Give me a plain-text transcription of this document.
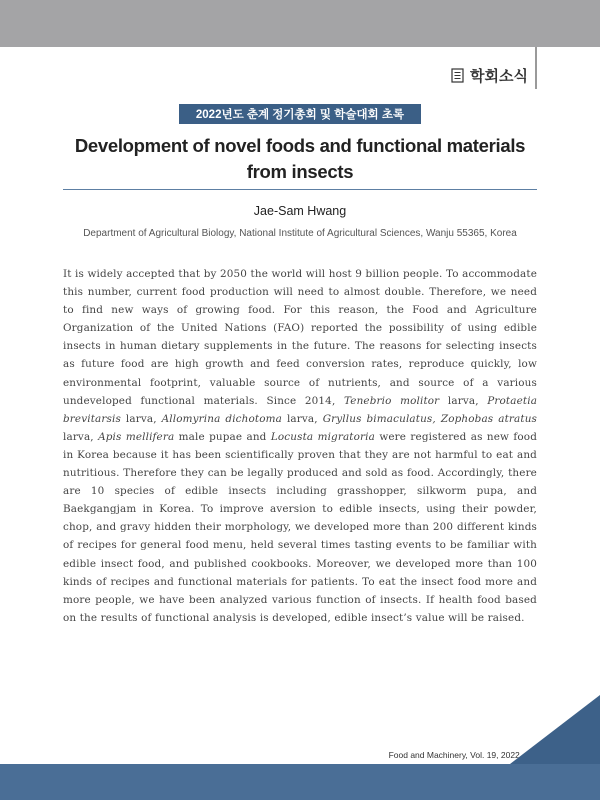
학회소식
2022년도 춘계 정기총회 및 학술대회 초록
Development of novel foods and functional materials
from insects
Jae-Sam Hwang
Department of Agricultural Biology, National Institute of Agricultural Sciences, Wanju 55365, Korea
It is widely accepted that by 2050 the world will host 9 billion people. To accommodate this number, current food production will need to almost double. Therefore, we need to find new ways of growing food. For this reason, the Food and Agriculture Organization of the United Nations (FAO) reported the possibility of using edible insects in human dietary supplements in the future. The reasons for selecting insects as future food are high growth and feed conversion rates, reproduce quickly, low environmental footprint, valuable source of nutrients, and source of a various undeveloped functional materials. Since 2014, Tenebrio molitor larva, Protaetia brevitarsis larva, Allomyrina dichotoma larva, Gryllus bimaculatus, Zophobas atratus larva, Apis mellifera male pupae and Locusta migratoria were registered as new food in Korea because it has been scientifically proven that they are not harmful to eat and nutritious. Therefore they can be legally produced and sold as food. Accordingly, there are 10 species of edible insects including grasshopper, silkworm pupa, and Baekgangjam in Korea. To improve aversion to edible insects, using their powder, chop, and gravy hidden their morphology, we developed more than 200 different kinds of recipes for general food menu, held several times tasting events to be familiar with edible insect food, and published cookbooks. Moreover, we developed more than 100 kinds of recipes and functional materials for patients. To eat the insect food more and more people, we have been analyzed various function of insects. If health food based on the results of functional analysis is developed, edible insect’s value will be raised.
Food and Machinery, Vol. 19, 2022
